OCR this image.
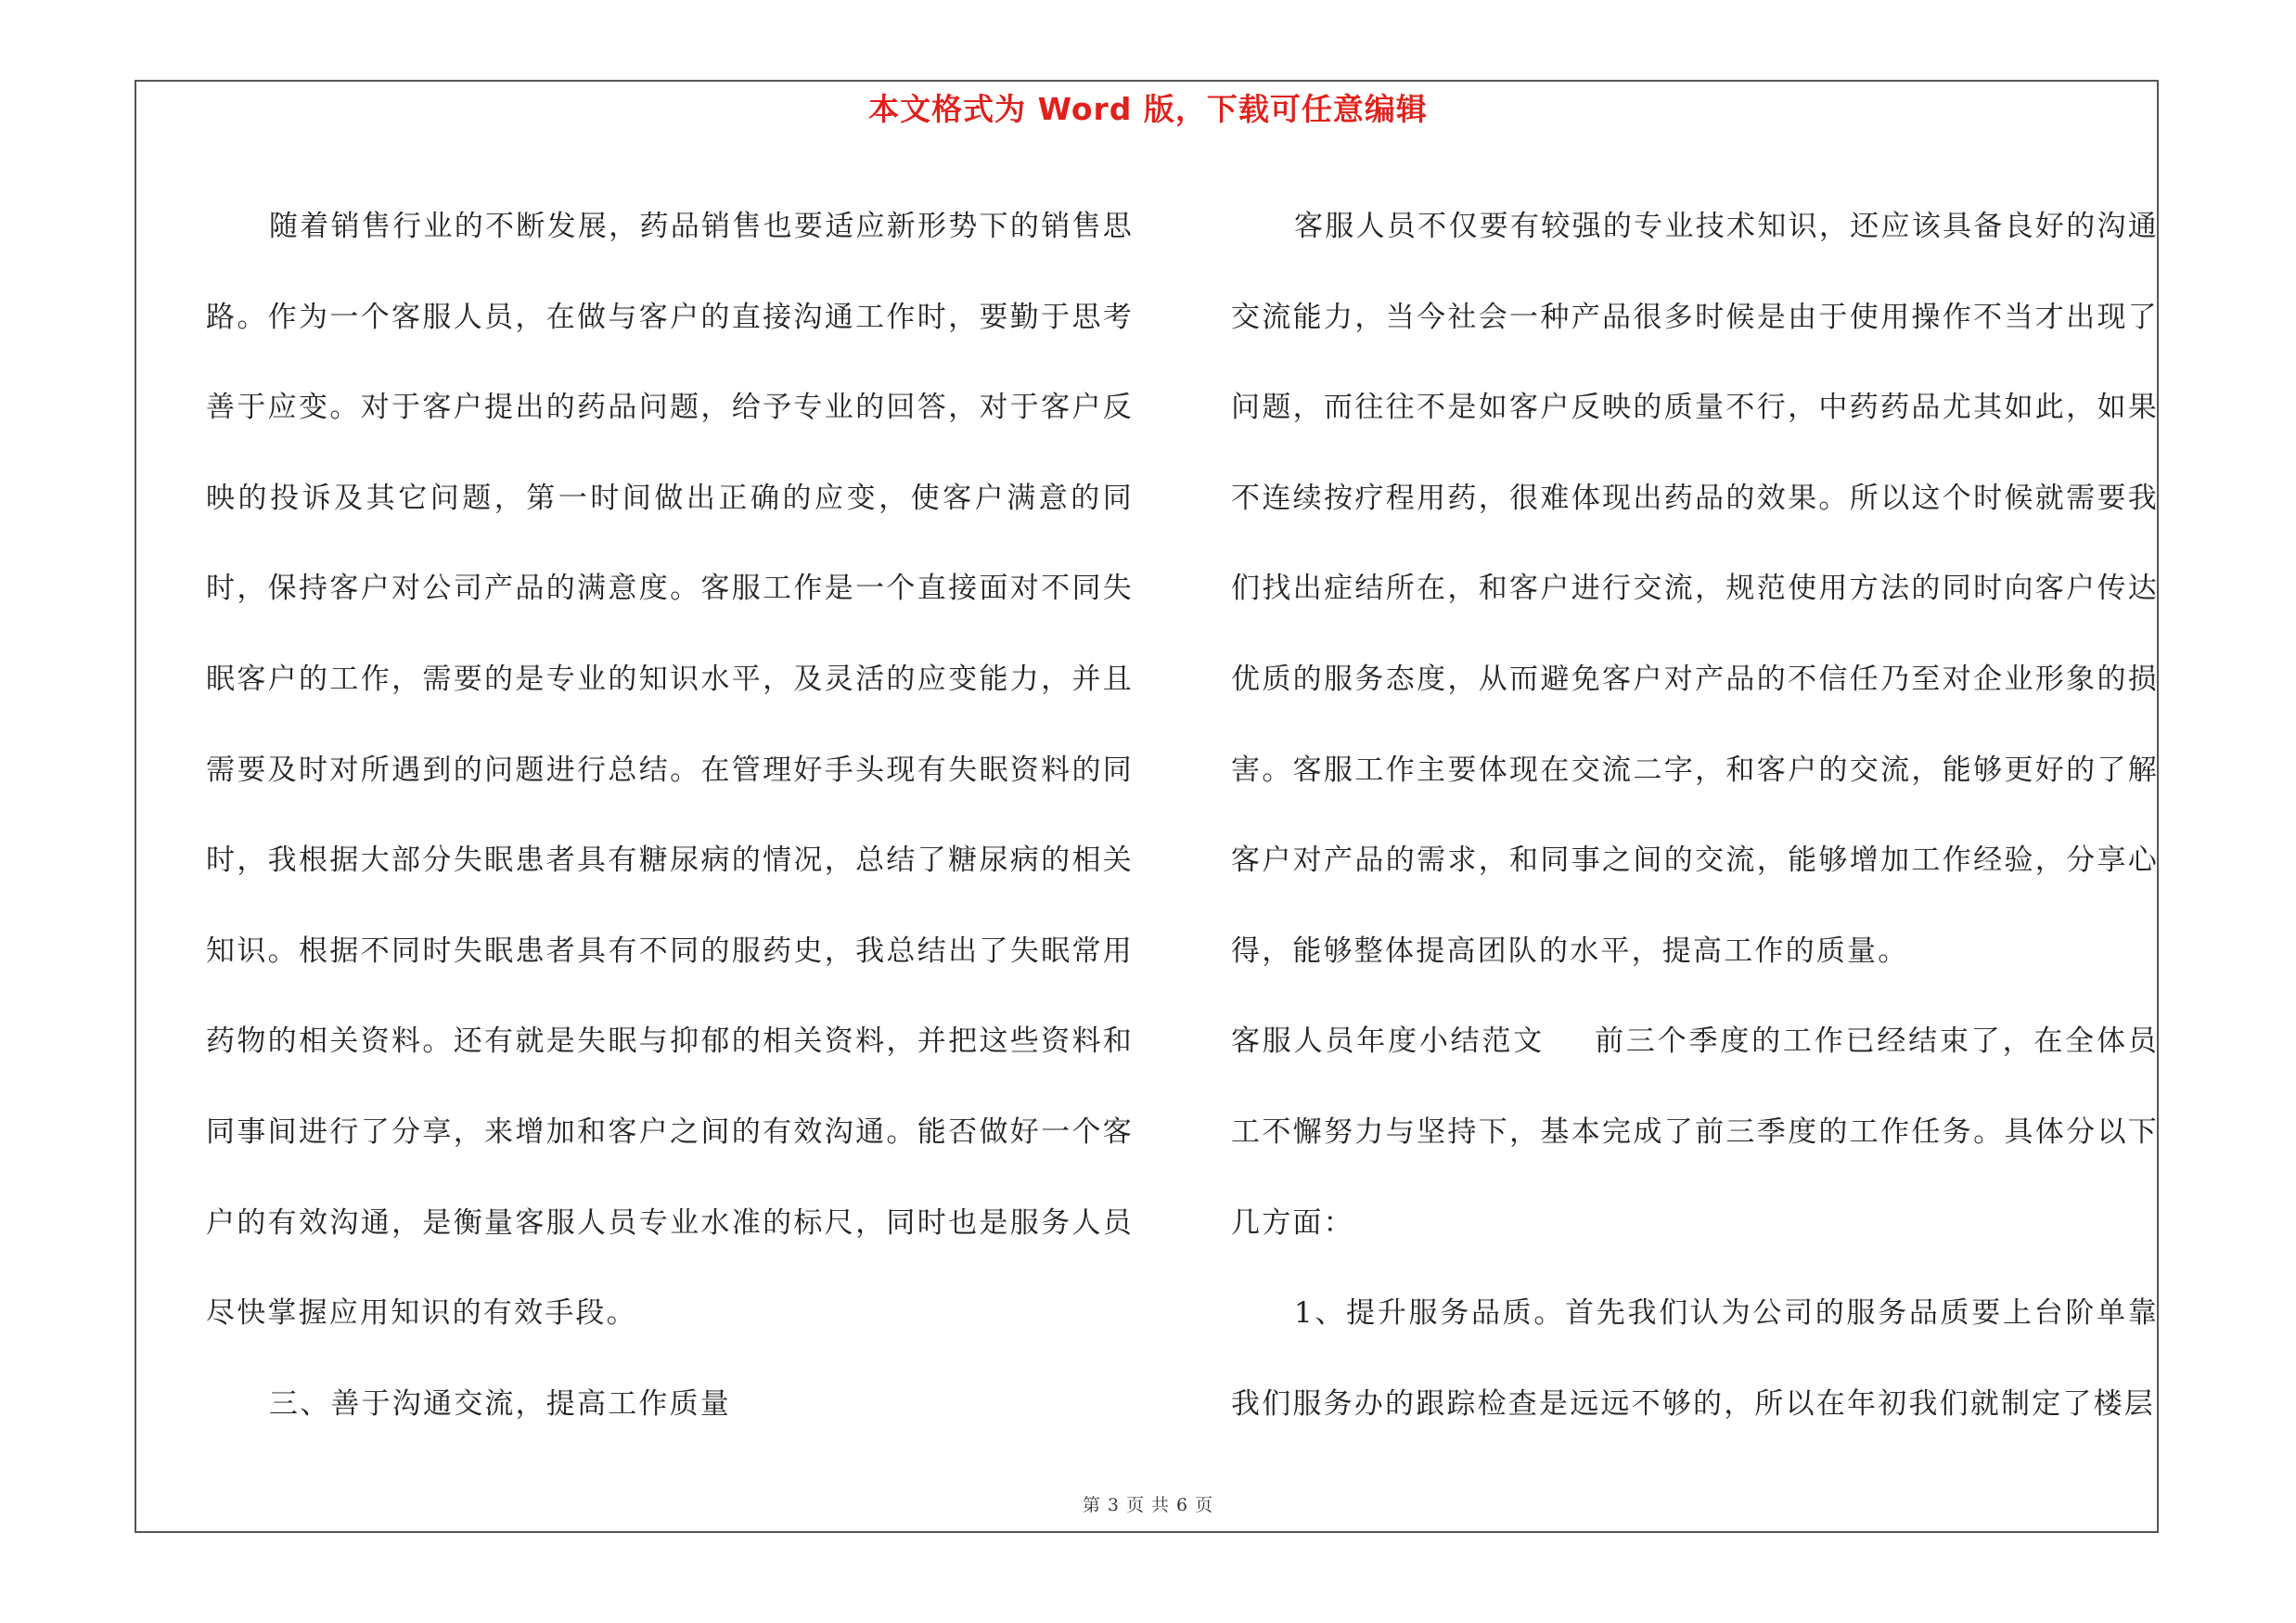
本文格式为 Word 版，下载可任意编辑

随着销售行业的不断发展，药品销售也要适应新形势下的销售思路。作为一个客服人员，在做与客户的直接沟通工作时，要勤于思考善于应变。对于客户提出的药品问题，给予专业的回答，对于客户反映的投诉及其它问题，第一时间做出正确的应变，使客户满意的同时，保持客户对公司产品的满意度。客服工作是一个直接面对不同失眠客户的工作，需要的是专业的知识水平，及灵活的应变能力，并且需要及时对所遇到的问题进行总结。在管理好手头现有失眠资料的同时，我根据大部分失眠患者具有糖尿病的情况，总结了糖尿病的相关知识。根据不同时失眠患者具有不同的服药史，我总结出了失眠常用药物的相关资料。还有就是失眠与抑郁的相关资料，并把这些资料和同事间进行了分享，来增加和客户之间的有效沟通。能否做好一个客户的有效沟通，是衡量客服人员专业水准的标尺，同时也是服务人员尽快掌握应用知识的有效手段。

三、善于沟通交流，提高工作质量

客服人员不仅要有较强的专业技术知识，还应该具备良好的沟通交流能力，当今社会一种产品很多时候是由于使用操作不当才出现了问题，而往往不是如客户反映的质量不行，中药药品尤其如此，如果不连续按疗程用药，很难体现出药品的效果。所以这个时候就需要我们找出症结所在，和客户进行交流，规范使用方法的同时向客户传达优质的服务态度，从而避免客户对产品的不信任乃至对企业形象的损害。客服工作主要体现在交流二字，和客户的交流，能够更好的了解客户对产品的需求，和同事之间的交流，能够增加工作经验，分享心得，能够整体提高团队的水平，提高工作的质量。

客服人员年度小结范文 前三个季度的工作已经结束了，在全体员工不懈努力与坚持下，基本完成了前三季度的工作任务。具体分以下几方面：

1、提升服务品质。首先我们认为公司的服务品质要上台阶单靠我们服务办的跟踪检查是远远不够的，所以在年初我们就制定了楼层

第 3 页 共 6 页
